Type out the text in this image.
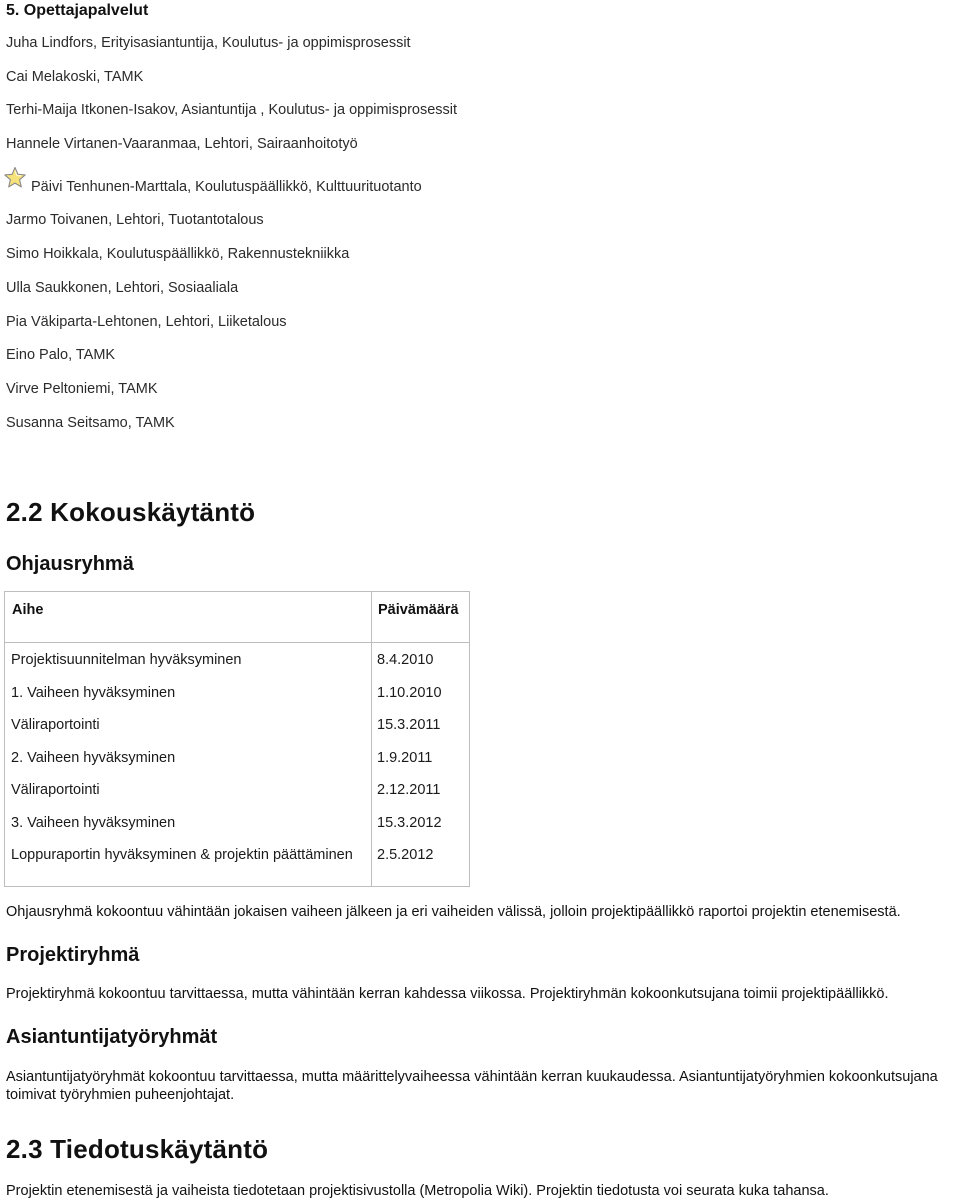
5. Opettajapalvelut
Juha Lindfors, Erityisasiantuntija, Koulutus- ja oppimisprosessit
Cai Melakoski, TAMK
Terhi-Maija Itkonen-Isakov, Asiantuntija , Koulutus- ja oppimisprosessit
Hannele Virtanen-Vaaranmaa, Lehtori, Sairaanhoitotyö
Päivi Tenhunen-Marttala, Koulutuspäällikkö, Kulttuurituotanto
Jarmo Toivanen, Lehtori, Tuotantotalous
Simo Hoikkala, Koulutuspäällikkö, Rakennustekniikka
Ulla Saukkonen, Lehtori, Sosiaaliala
Pia Väkiparta-Lehtonen, Lehtori, Liiketalous
Eino Palo, TAMK
Virve Peltoniemi, TAMK
Susanna Seitsamo, TAMK
2.2 Kokouskäytäntö
Ohjausryhmä
Aihe	Päivämäärä
Projektisuunnitelman hyväksyminen	8.4.2010
1. Vaiheen hyväksyminen	1.10.2010
Väliraportointi	15.3.2011
2. Vaiheen hyväksyminen	1.9.2011
Väliraportointi	2.12.2011
3. Vaiheen hyväksyminen	15.3.2012
Loppuraportin hyväksyminen & projektin päättäminen 2.5.2012
Ohjausryhmä kokoontuu vähintään jokaisen vaiheen jälkeen ja eri vaiheiden välissä, jolloin projektipäällikkö raportoi projektin etenemisestä.
Projektiryhmä
Projektiryhmä kokoontuu tarvittaessa, mutta vähintään kerran kahdessa viikossa. Projektiryhmän kokoonkutsujana toimii projektipäällikkö.
Asiantuntijatyöryhmät
Asiantuntijatyöryhmät kokoontuu tarvittaessa, mutta määrittelyvaiheessa vähintään kerran kuukaudessa. Asiantuntijatyöryhmien kokoonkutsujana toimivat työryhmien puheenjohtajat.
2.3 Tiedotuskäytäntö
Projektin etenemisestä ja vaiheista tiedotetaan projektisivustolla (Metropolia Wiki). Projektin tiedotusta voi seurata kuka tahansa.
